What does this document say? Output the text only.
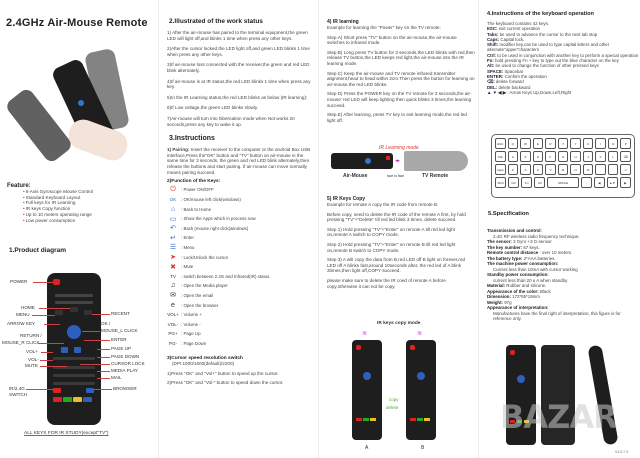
2.4GHz Air-Mouse Remote
Feature:
• 6-Axis Gyroscope Mouse Control
• Standard Keyboard Layout
• Full keys for IR Learning
• IR keys Copy function
• Up to 10 meters operating range
• Low power consumption
1.Product diagram
POWER
HOME
MENU	RECENT
ARROW KEY	OK /
MOUSE_L CLICK
RETURN /
MOUSE_R CLICK
ENTER
VOL+
PAGE UP
VOL-
PAGE DOWN
MUTE	CURSOR LOCK
MEDIA PLAY
MAIL
IR/2.4G
SWITCH
BROWSER
ALL KEYS FOR IR STUDY(except"TV")
2.Illustrated of the work status
1) After the air-mouse has paired to the terminal equipment,the green LED will light off,and blinks 1 time when press any other keys.
2)After the cursor locked,the LED light off,and green LED blinks 1 time when press any other keys.
3)If air-mouse loss connected with the receiver,the green and red LED blink alternately.
4)If air-mouse is at IR status,the red LED blinks 1 time when press any key.
5)In the IR Learning status,the red LED blinks as below (IR learning):
6)If Low voltage,the green LED blinks slowly.
7)Air-mouse will turn into hibernation mode when Not works 20 seconds,press any key to wake it up.
3.Instructions
1) Pairing: Insert the receiver to the computer or the android Box USB interface,Press the"OK" button and "TV" button on air-mouse in the same time for 3 seconds, the green and red LED blink alternately,then release the buttons and start pairing. If air-mouse can move normally means pairing succeed.
2)Function of the Keys:
⏻	: Power ON/OFF
OK	: OK/mouse left click(windows)
⌂	: Back to Home
▭	: Show the Apps which in process now
↶	: Back (mouse right click(windows)
↵	: Enter
☰	: Menu
➤	: Lock/Unlock the cursor
✖	: Mute
TV	: switch between 2.4G and Infrared(IR) status.
♫	: Open the Media player
✉	: Open the email
e	: Open the browser
VOL+ : Volume +
VOL- : Volume -
PG+ : Page Up
PG- : Page Down
3)Cursor speed resolution switch
(DPI:1000/1600(default)/2200)
1)Press "OK" and "Vol+" button to speed up the cursor.
2)Press "OK" and "Vol-" button to speed down the cursor.
4) IR learning
Example for learning the "Power" key on the TV remote:
Step.A) Short press "TV" button on the air-mouse,the air-mouse switches to infrared mode.
Step.B) Long press TV button for 3 seconds,the LED blinks with red,then release TV button,the LED keeps red light,the air-mouse into the IR learning mode.
Step.C) Keep the air-mouse and TV remote infrared transmitter alignment,head to head within 2cm.Then press the button for learning on air-mouse,the red LED blinks.
Step.D) Press the POWER key on the TV remote for 3 seconds,the air-mouse' red LED will keep lighting then quick blinks 3 times,the learning succeed.
Step.E) After learning, press TV key to exit learning mode,the red led light off.
IR Learning mode
◂▸
Air-Mouse	face to face	TV Remote
5) IR Keys Copy
Example for remote A copy the IR code from remote B.
Before copy, need to delete the IR code of the remote A first, by hold pressing "TV"+"Delete" till red led blink 3 times, delete succeed.
Step 1) Hold pressing "TV"+"Enter" on remote A till red led light on,remote A switch to COPY mode,
Step 2) Hold pressing "TV"+"Enter" on remote B till red led light on,remote B switch to COPY mode,
Step 3) A will copy the data from B,red LED off B light on forever,red LED off A blinks fast,around 10seconds after, the red led of A blink 3times,then light off,COPY succeed.
please make sure to delete the IR coed of remote A before copy,otherwise it can not be copy.
IR keys copy mode
≋	≋
copy
delete
A	B
4.Instructions of the keyboard operation
The keyboard contains 42 keys.
ESC: exit current operation
Tabs: be used to advance the cursor to the next tab stop
Caps: Capital lock.
Shift: modifier key,can be used to type capital letters and other alternate"upper"characters
Ctrl: to be used in conjunction with another key to perform a special operation
Fn: hold pressing Fn + key to type out the blue character on the key
Alt: be used to change the function of other pressed keys
SPACE: Spacebar
ENTER: Confirm the operation
⌫: delete forward
DEL: delete backward
▲ ▼ ◀ ▶ : Arrow Keys Up,Down,Left,Right
ESC	Q	W	E	R	T	Y	U	I	O	P
Tab	A	S	D	F	G	H	J	K	L	⌫
Caps	Z	X	C	V	B	N	M	,	.	↵
Shift	Ctrl	Fn	Alt	SPACE	-	◀	▲▼	▶
5.Specification
Transmission and control:
2.4G RF wireless radio frequency technique.
The sensor: 3 Gyro +3 G-sensor
The key number: 67 keys.
Remote control distance : over 10 meters.
The battery type: 2*AAA batteries.
The machine power consumption:
Current less than 10mA with cursor working
Standby power consumption:
current less than 20 u A when standby.
Material: Rubber and silicone.
Appearance of the color: Black
Dimension: 172*55*19mm
Weight: 97g
Appearance of interpretation:
Manufactures have the final right of interpretation, this figure is for reference only.
BAZAR
V1.0.7.3
